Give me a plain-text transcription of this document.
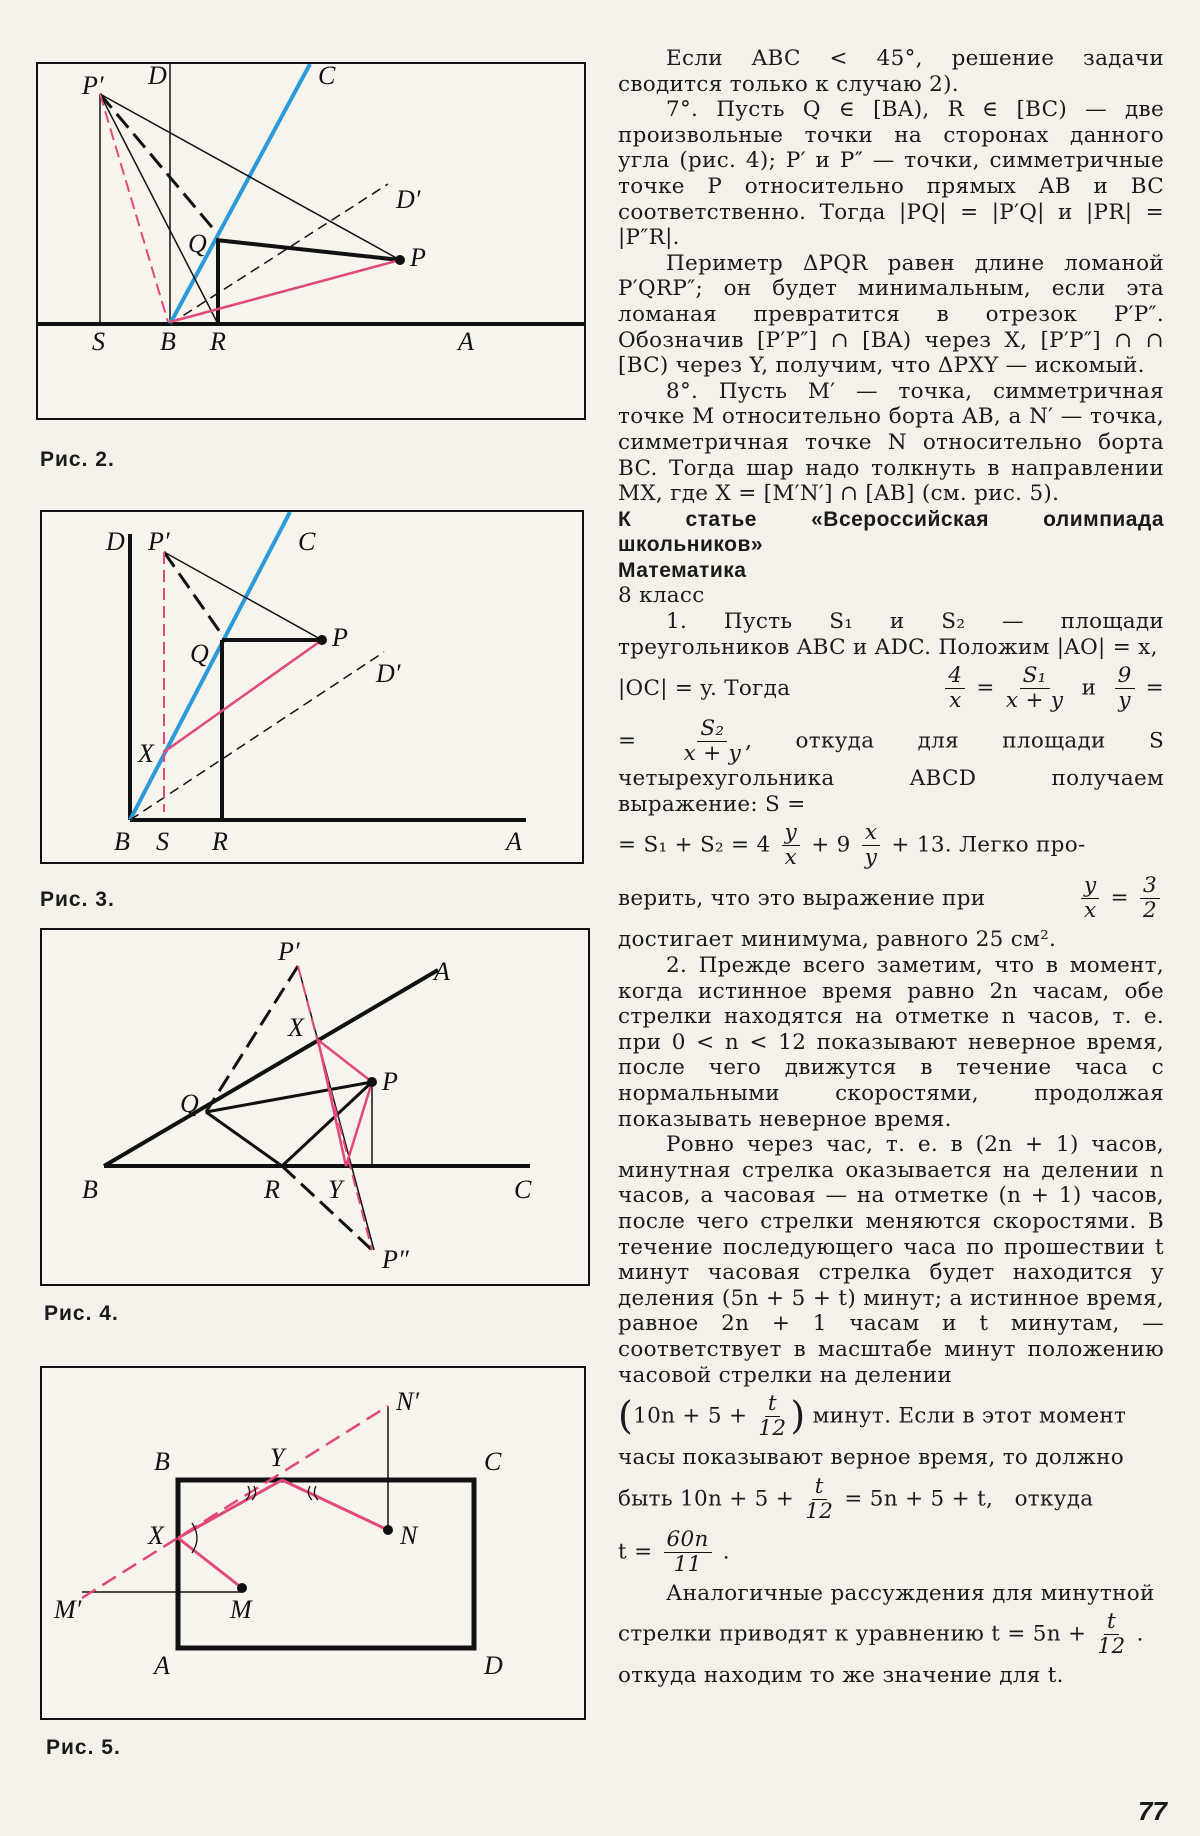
P′ D	C
D′
Q	P
S B R	A
Рис. 2.
D P′	C
Q
P
D′
X
B S R	A
Рис. 3.
P′
A
X
Q
P
B	R Y	C
P″
Рис. 4.
N′
B	Y	C
X	N
M′	M
A	D
Рис. 5.

Если ABC < 45°, решение задачи сводится только к случаю 2).

7°. Пусть Q ∈ [BA), R ∈ [BC) — две произвольные точки на сторонах данного угла (рис. 4); P′ и P″ — точки, симметричные точке P относительно прямых AB и BC соответственно. Тогда |PQ| = |P′Q| и |PR| = |P″R|.

Периметр ΔPQR равен длине ломаной P′QRP″; он будет минимальным, если эта ломаная превратится в отрезок P′P″. Обозначив [P′P″] ∩ [BA) через X, [P′P″] ∩ ∩ [BC) через Y, получим, что ΔPXY — искомый.

8°. Пусть M′ — точка, симметричная точке M относительно борта AB, а N′ — точка, симметричная точке N относительно борта BC. Тогда шар надо толкнуть в направлении MX, где X = [M′N′] ∩ [AB] (см. рис. 5).

К статье «Всероссийская олимпиада школьников»

Математика

8 класс

1. Пусть S₁ и S₂ — площади треугольников ABC и ADC. Положим |AO| = x,

|OC| = y. Тогда	$\frac{4}{x} = \frac{\text{S₁}}{x + y}$ и $\frac{9}{y}$ =
= $\frac{\text{S₂}}{x + y}$ , откуда для площади S четырехугольника ABCD получаем выражение: S =
= $S_1 + S_2 = 4 \frac{y}{x} + 9 \frac{x}{y} + 13$. Легко про-
верить, что это выражение при	$\frac{y}{x} = \frac{3}{2}$

достигает минимума, равного 25 см².

2. Прежде всего заметим, что в момент, когда истинное время равно 2n часам, обе стрелки находятся на отметке n часов, т. е. при 0 < n < 12 показывают неверное время, после чего движутся в течение часа с нормальными скоростями, продолжая показывать неверное время.

Ровно через час, т. е. в (2n + 1) часов, минутная стрелка оказывается на делении n часов, а часовая — на отметке (n + 1) часов, после чего стрелки меняются скоростями. В течение последующего часа по прошествии t минут часовая стрелка будет находится у деления (5n + 5 + t) минут; а истинное время, равное 2n + 1 часам и t минутам, — соответствует в масштабе минут положению часовой стрелки на делении

($10n + 5 + \frac{t}{12}$ ) минут. Если в этот момент

часы показывают верное время, то должно

быть $10n + 5 + \frac{t}{12} = 5n + 5 + t$, откуда
$t = \frac{60n}{11}$ .

Аналогичные рассуждения для минутной

стрелки приводят к уравнению $t = 5n + \frac{t}{12}$ .

откуда находим то же значение для t.

77
